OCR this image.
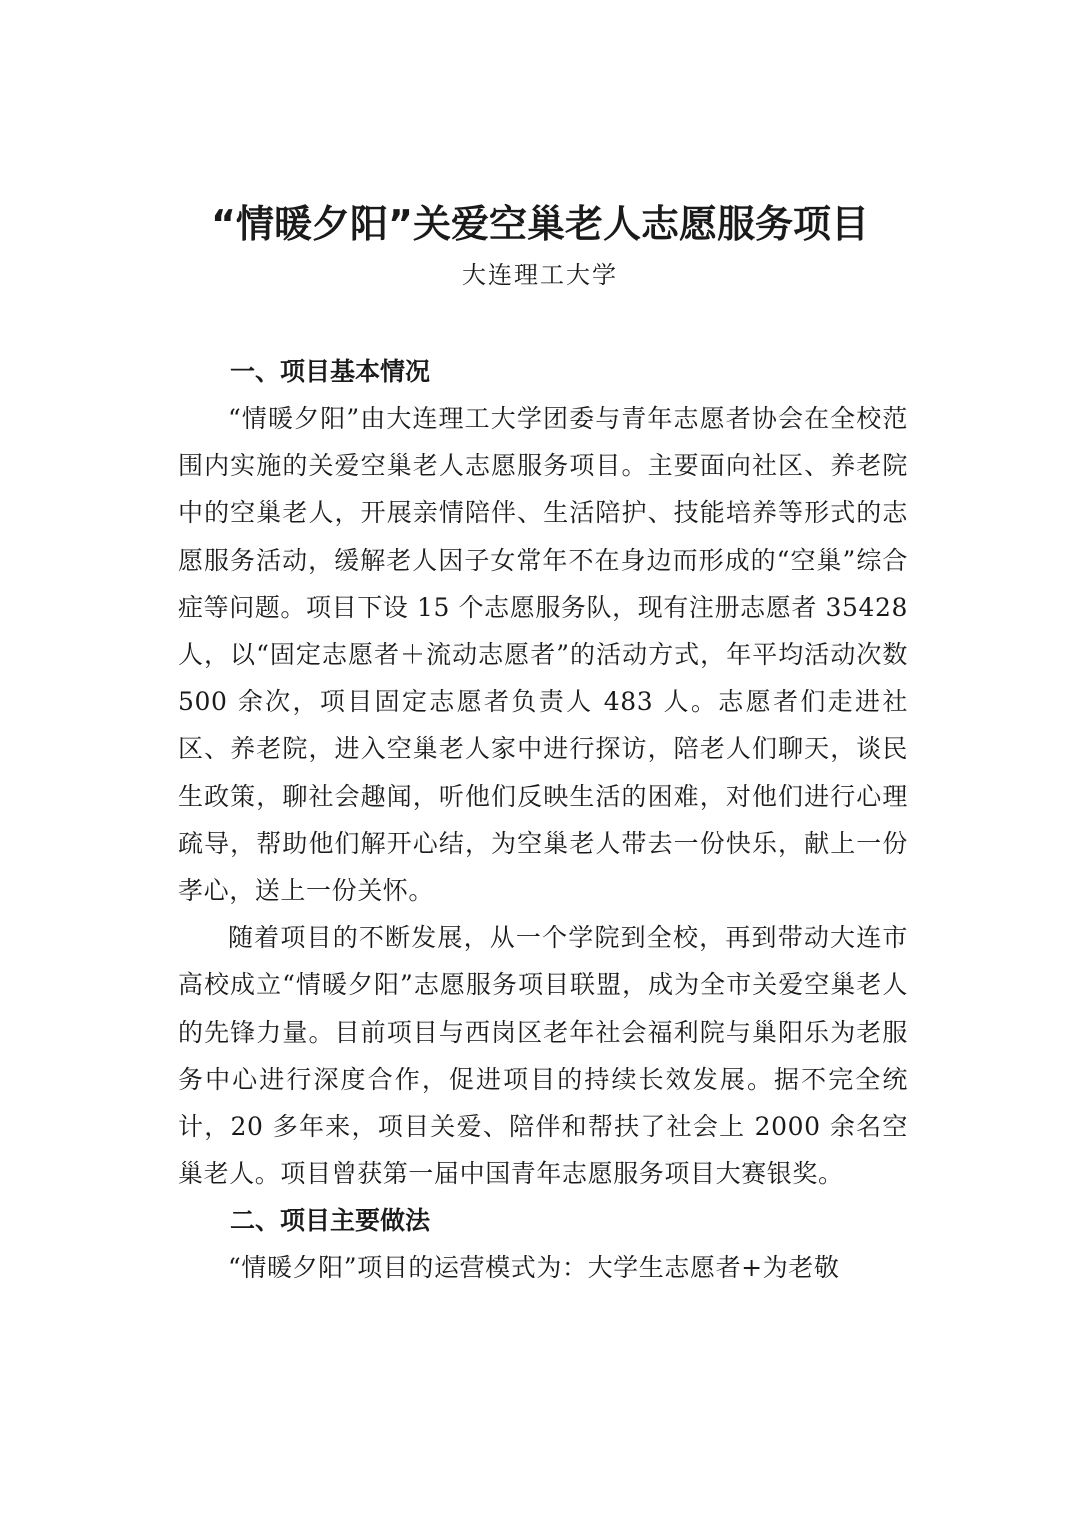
“情暖夕阳”关爱空巢老人志愿服务项目
大连理工大学
一、项目基本情况

“情暖夕阳”由大连理工大学团委与青年志愿者协会在全校范围内实施的关爱空巢老人志愿服务项目。主要面向社区、养老院中的空巢老人，开展亲情陪伴、生活陪护、技能培养等形式的志愿服务活动，缓解老人因子女常年不在身边而形成的“空巢”综合症等问题。项目下设 15 个志愿服务队，现有注册志愿者 35428 人，以“固定志愿者＋流动志愿者”的活动方式，年平均活动次数 500 余次，项目固定志愿者负责人 483 人。志愿者们走进社区、养老院，进入空巢老人家中进行探访，陪老人们聊天，谈民生政策，聊社会趣闻，听他们反映生活的困难，对他们进行心理疏导，帮助他们解开心结，为空巢老人带去一份快乐，献上一份孝心，送上一份关怀。

随着项目的不断发展，从一个学院到全校，再到带动大连市高校成立“情暖夕阳”志愿服务项目联盟，成为全市关爱空巢老人的先锋力量。目前项目与西岗区老年社会福利院与巢阳乐为老服务中心进行深度合作，促进项目的持续长效发展。据不完全统计，20 多年来，项目关爱、陪伴和帮扶了社会上 2000 余名空巢老人。项目曾获第一届中国青年志愿服务项目大赛银奖。

二、项目主要做法

“情暖夕阳”项目的运营模式为：大学生志愿者+为老敬
